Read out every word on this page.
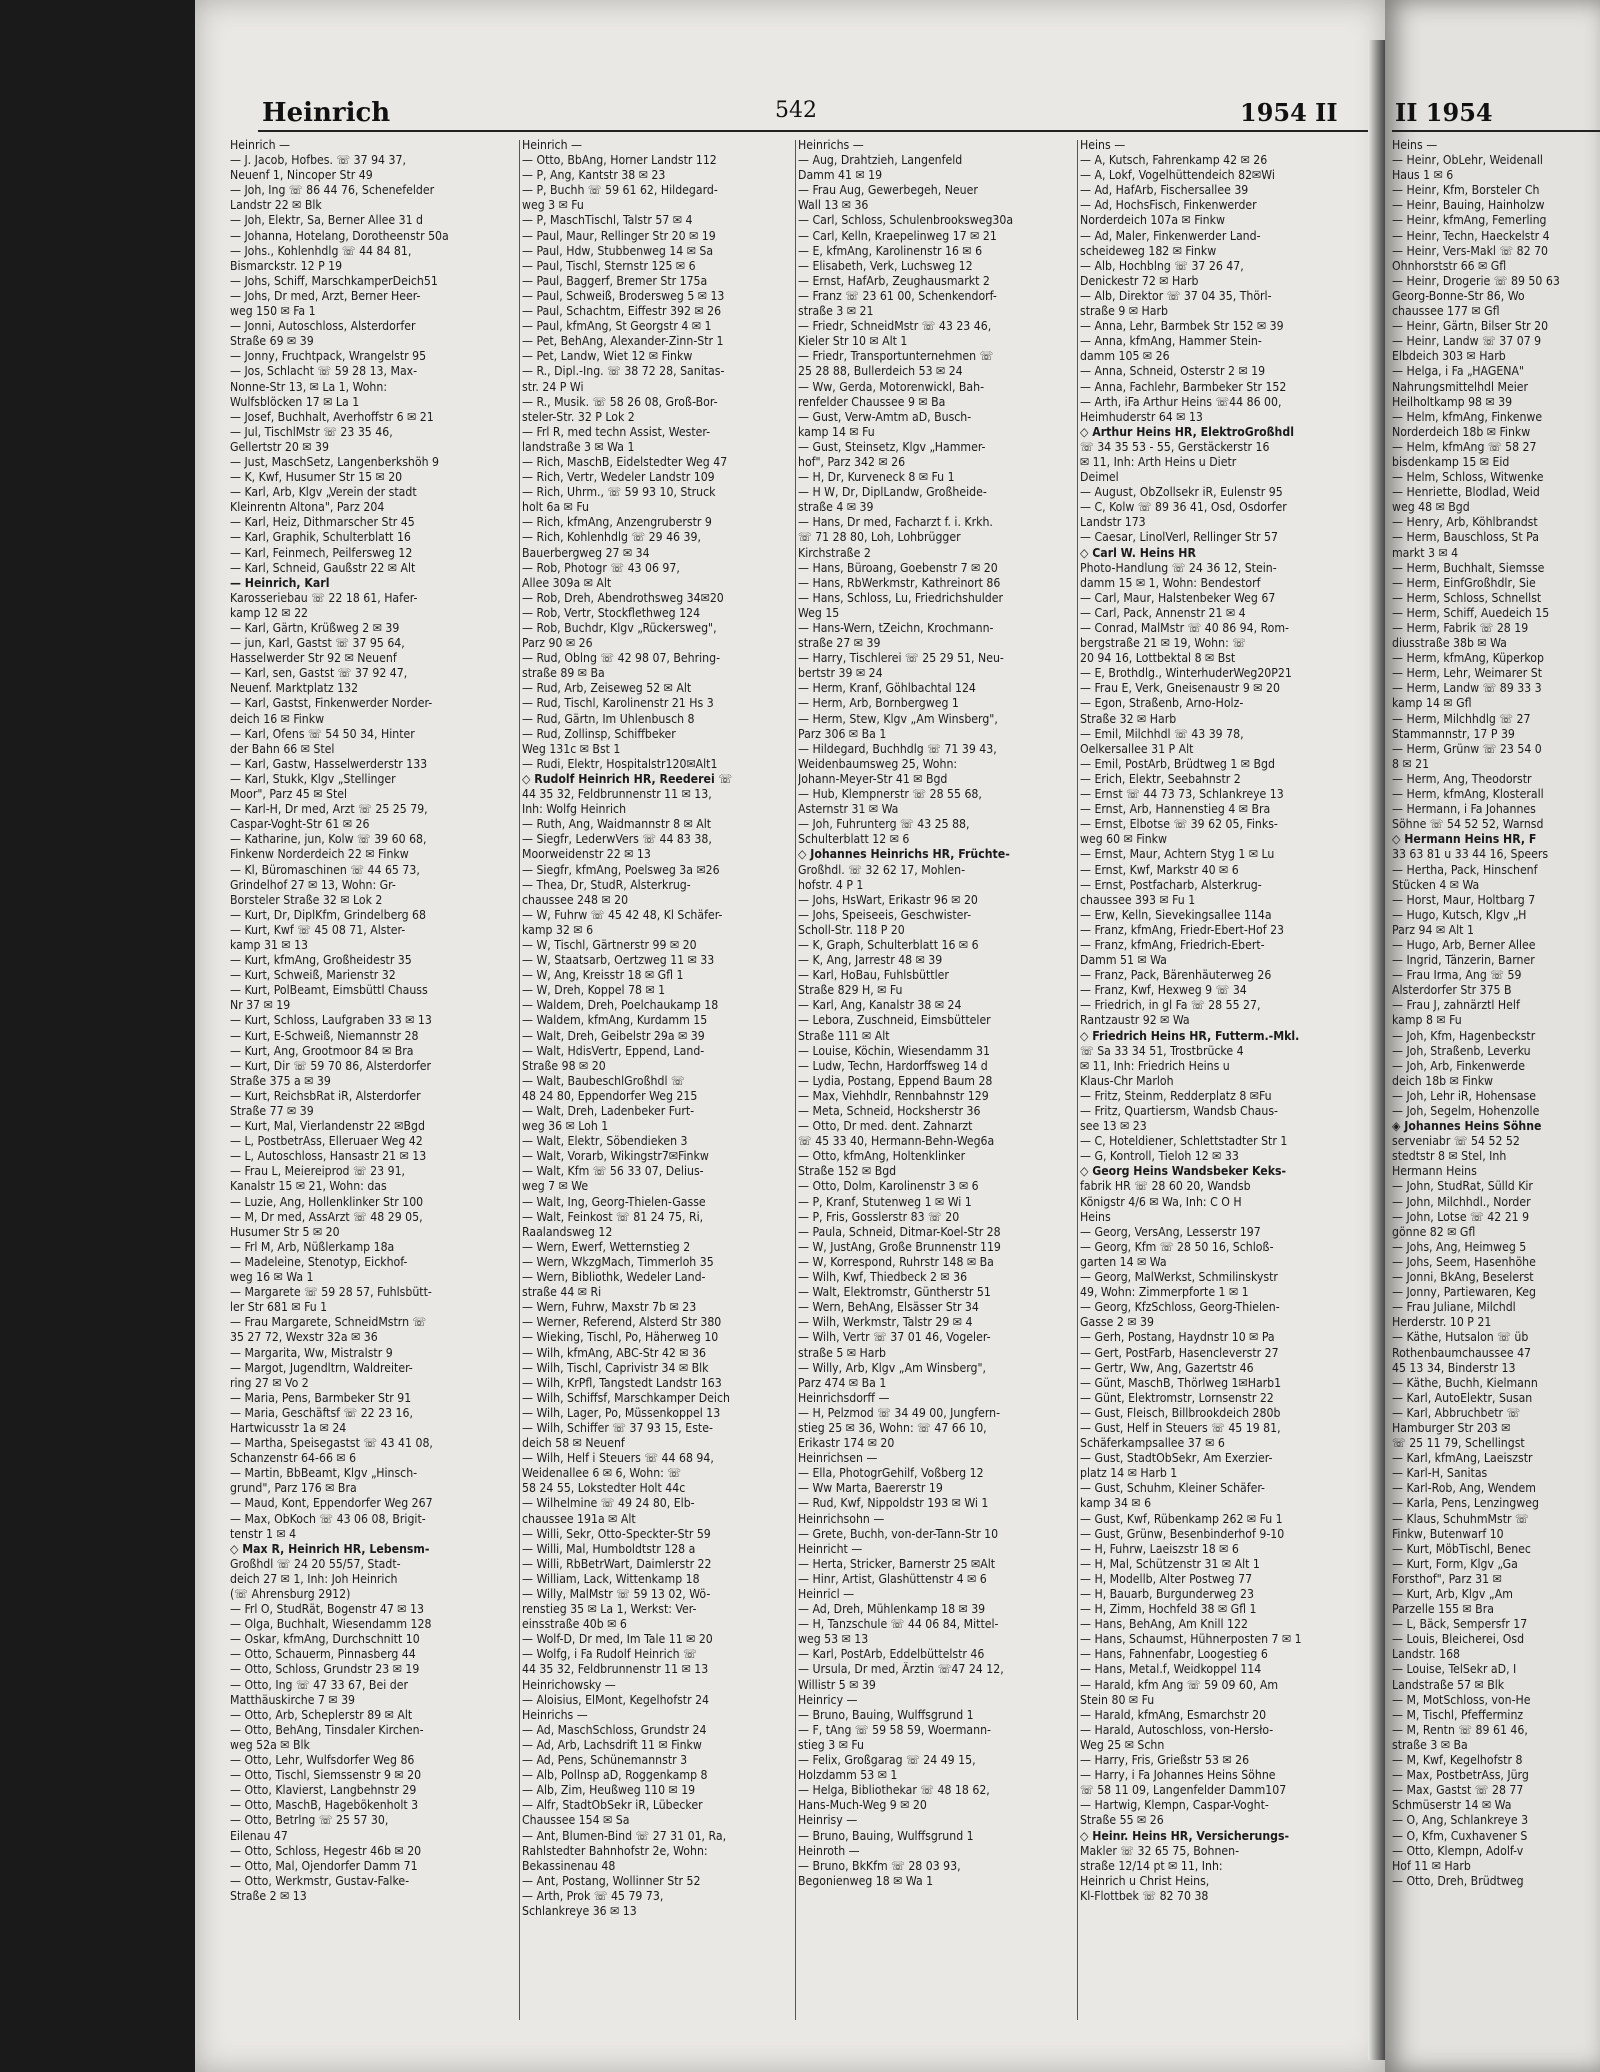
Heinrich	542	1954 II II 1954
Heinrich —
— J. Jacob, Hofbes. ☏ 37 94 37,
Neuenf 1, Nincoper Str 49
— Joh, Ing ☏ 86 44 76, Schenefelder
Landstr 22 ✉ Blk
— Joh, Elektr, Sa, Berner Allee 31 d
— Johanna, Hotelang, Dorotheenstr 50a
— Johs., Kohlenhdlg ☏ 44 84 81,
Bismarckstr. 12 P 19
— Johs, Schiff, MarschkamperDeich51
— Johs, Dr med, Arzt, Berner Heer-
weg 150 ✉ Fa 1
— Jonni, Autoschloss, Alsterdorfer
Straße 69 ✉ 39
— Jonny, Fruchtpack, Wrangelstr 95
— Jos, Schlacht ☏ 59 28 13, Max-
Nonne-Str 13, ✉ La 1, Wohn:
Wulfsblöcken 17 ✉ La 1
— Josef, Buchhalt, Averhoffstr 6 ✉ 21
— Jul, TischlMstr ☏ 23 35 46,
Gellertstr 20 ✉ 39
— Just, MaschSetz, Langenberkshöh 9
— K, Kwf, Husumer Str 15 ✉ 20
— Karl, Arb, Klgv „Verein der stadt
Kleinrentn Altona", Parz 204
— Karl, Heiz, Dithmarscher Str 45
— Karl, Graphik, Schulterblatt 16
— Karl, Feinmech, Peilfersweg 12
— Karl, Schneid, Gaußstr 22 ✉ Alt
— Heinrich, Karl
Karosseriebau ☏ 22 18 61, Hafer-
kamp 12 ✉ 22
— Karl, Gärtn, Krüßweg 2 ✉ 39
— jun, Karl, Gastst ☏ 37 95 64,
Hasselwerder Str 92 ✉ Neuenf
— Karl, sen, Gastst ☏ 37 92 47,
Neuenf. Marktplatz 132
— Karl, Gastst, Finkenwerder Norder-
deich 16 ✉ Finkw
— Karl, Ofens ☏ 54 50 34, Hinter
der Bahn 66 ✉ Stel
— Karl, Gastw, Hasselwerderstr 133
— Karl, Stukk, Klgv „Stellinger
Moor", Parz 45 ✉ Stel
— Karl-H, Dr med, Arzt ☏ 25 25 79,
Caspar-Voght-Str 61 ✉ 26
— Katharine, jun, Kolw ☏ 39 60 68,
Finkenw Norderdeich 22 ✉ Finkw
— Kl, Büromaschinen ☏ 44 65 73,
Grindelhof 27 ✉ 13, Wohn: Gr-
Borsteler Straße 32 ✉ Lok 2
— Kurt, Dr, DiplKfm, Grindelberg 68
— Kurt, Kwf ☏ 45 08 71, Alster-
kamp 31 ✉ 13
— Kurt, kfmAng, Großheidestr 35
— Kurt, Schweiß, Marienstr 32
— Kurt, PolBeamt, Eimsbüttl Chauss
Nr 37 ✉ 19
— Kurt, Schloss, Laufgraben 33 ✉ 13
— Kurt, E-Schweiß, Niemannstr 28
— Kurt, Ang, Grootmoor 84 ✉ Bra
— Kurt, Dir ☏ 59 70 86, Alsterdorfer
Straße 375 a ✉ 39
— Kurt, ReichsbRat iR, Alsterdorfer
Straße 77 ✉ 39
— Kurt, Mal, Vierlandenstr 22 ✉Bgd
— L, PostbetrAss, Elleruaer Weg 42
— L, Autoschloss, Hansastr 21 ✉ 13
— Frau L, Meiereiprod ☏ 23 91,
Kanalstr 15 ✉ 21, Wohn: das
— Luzie, Ang, Hollenklinker Str 100
— M, Dr med, AssArzt ☏ 48 29 05,
Husumer Str 5 ✉ 20
— Frl M, Arb, Nüßlerkamp 18a
— Madeleine, Stenotyp, Eickhof-
weg 16 ✉ Wa 1
— Margarete ☏ 59 28 57, Fuhlsbütt-
ler Str 681 ✉ Fu 1
— Frau Margarete, SchneidMstrn ☏
35 27 72, Wexstr 32a ✉ 36
— Margarita, Ww, Mistralstr 9
— Margot, Jugendltrn, Waldreiter-
ring 27 ✉ Vo 2
— Maria, Pens, Barmbeker Str 91
— Maria, Geschäftsf ☏ 22 23 16,
Hartwicusstr 1a ✉ 24
— Martha, Speisegastst ☏ 43 41 08,
Schanzenstr 64-66 ✉ 6
— Martin, BbBeamt, Klgv „Hinsch-
grund", Parz 176 ✉ Bra
— Maud, Kont, Eppendorfer Weg 267
— Max, ObKoch ☏ 43 06 08, Brigit-
tenstr 1 ✉ 4
◇ Max R, Heinrich HR, Lebensm-
Großhdl ☏ 24 20 55/57, Stadt-
deich 27 ✉ 1, Inh: Joh Heinrich
(☏ Ahrensburg 2912)
— Frl O, StudRät, Bogenstr 47 ✉ 13
— Olga, Buchhalt, Wiesendamm 128
— Oskar, kfmAng, Durchschnitt 10
— Otto, Schauerm, Pinnasberg 44
— Otto, Schloss, Grundstr 23 ✉ 19
— Otto, Ing ☏ 47 33 67, Bei der
Matthäuskirche 7 ✉ 39
— Otto, Arb, Scheplerstr 89 ✉ Alt
— Otto, BehAng, Tinsdaler Kirchen-
weg 52a ✉ Blk
— Otto, Lehr, Wulfsdorfer Weg 86
— Otto, Tischl, Siemssenstr 9 ✉ 20
— Otto, Klavierst, Langbehnstr 29
— Otto, MaschB, Hagebökenholt 3
— Otto, Betrlng ☏ 25 57 30,
Eilenau 47
— Otto, Schloss, Hegestr 46b ✉ 20
— Otto, Mal, Ojendorfer Damm 71
— Otto, Werkmstr, Gustav-Falke-
Straße 2 ✉ 13
Heinrich —
— Otto, BbAng, Horner Landstr 112
— P, Ang, Kantstr 38 ✉ 23
— P, Buchh ☏ 59 61 62, Hildegard-
weg 3 ✉ Fu
— P, MaschTischl, Talstr 57 ✉ 4
— Paul, Maur, Rellinger Str 20 ✉ 19
— Paul, Hdw, Stubbenweg 14 ✉ Sa
— Paul, Tischl, Sternstr 125 ✉ 6
— Paul, Baggerf, Bremer Str 175a
— Paul, Schweiß, Brodersweg 5 ✉ 13
— Paul, Schachtm, Eiffestr 392 ✉ 26
— Paul, kfmAng, St Georgstr 4 ✉ 1
— Pet, BehAng, Alexander-Zinn-Str 1
— Pet, Landw, Wiet 12 ✉ Finkw
— R., Dipl.-Ing. ☏ 38 72 28, Sanitas-
str. 24 P Wi
— R., Musik. ☏ 58 26 08, Groß-Bor-
steler-Str. 32 P Lok 2
— Frl R, med techn Assist, Wester-
landstraße 3 ✉ Wa 1
— Rich, MaschB, Eidelstedter Weg 47
— Rich, Vertr, Wedeler Landstr 109
— Rich, Uhrm., ☏ 59 93 10, Struck
holt 6a ✉ Fu
— Rich, kfmAng, Anzengruberstr 9
— Rich, Kohlenhdlg ☏ 29 46 39,
Bauerbergweg 27 ✉ 34
— Rob, Photogr ☏ 43 06 97,
Allee 309a ✉ Alt
— Rob, Dreh, Abendrothsweg 34✉20
— Rob, Vertr, Stockflethweg 124
— Rob, Buchdr, Klgv „Rückersweg",
Parz 90 ✉ 26
— Rud, Oblng ☏ 42 98 07, Behring-
straße 89 ✉ Ba
— Rud, Arb, Zeiseweg 52 ✉ Alt
— Rud, Tischl, Karolinenstr 21 Hs 3
— Rud, Gärtn, Im Uhlenbusch 8
— Rud, Zollinsp, Schiffbeker
Weg 131c ✉ Bst 1
— Rudi, Elektr, Hospitalstr120✉Alt1
◇ Rudolf Heinrich HR, Reederei ☏
44 35 32, Feldbrunnenstr 11 ✉ 13,
Inh: Wolfg Heinrich
— Ruth, Ang, Waidmannstr 8 ✉ Alt
— Siegfr, LederwVers ☏ 44 83 38,
Moorweidenstr 22 ✉ 13
— Siegfr, kfmAng, Poelsweg 3a ✉26
— Thea, Dr, StudR, Alsterkrug-
chaussee 248 ✉ 20
— W, Fuhrw ☏ 45 42 48, Kl Schäfer-
kamp 32 ✉ 6
— W, Tischl, Gärtnerstr 99 ✉ 20
— W, Staatsarb, Oertzweg 11 ✉ 33
— W, Ang, Kreisstr 18 ✉ Gfl 1
— W, Dreh, Koppel 78 ✉ 1
— Waldem, Dreh, Poelchaukamp 18
— Waldem, kfmAng, Kurdamm 15
— Walt, Dreh, Geibelstr 29a ✉ 39
— Walt, HdisVertr, Eppend, Land-
Straße 98 ✉ 20
— Walt, BaubeschlGroßhdl ☏
48 24 80, Eppendorfer Weg 215
— Walt, Dreh, Ladenbeker Furt-
weg 36 ✉ Loh 1
— Walt, Elektr, Söbendieken 3
— Walt, Vorarb, Wikingstr7✉Finkw
— Walt, Kfm ☏ 56 33 07, Delius-
weg 7 ✉ We
— Walt, Ing, Georg-Thielen-Gasse
— Walt, Feinkost ☏ 81 24 75, Ri,
Raalandsweg 12
— Wern, Ewerf, Wetternstieg 2
— Wern, WkzgMach, Timmerloh 35
— Wern, Bibliothk, Wedeler Land-
straße 44 ✉ Ri
— Wern, Fuhrw, Maxstr 7b ✉ 23
— Werner, Referend, Alsterd Str 380
— Wieking, Tischl, Po, Häherweg 10
— Wilh, kfmAng, ABC-Str 42 ✉ 36
— Wilh, Tischl, Caprivistr 34 ✉ Blk
— Wilh, KrPfl, Tangstedt Landstr 163
— Wilh, Schiffsf, Marschkamper Deich
— Wilh, Lager, Po, Müssenkoppel 13
— Wilh, Schiffer ☏ 37 93 15, Este-
deich 58 ✉ Neuenf
— Wilh, Helf i Steuers ☏ 44 68 94,
Weidenallee 6 ✉ 6, Wohn: ☏
58 24 55, Lokstedter Holt 44c
— Wilhelmine ☏ 49 24 80, Elb-
chaussee 191a ✉ Alt
— Willi, Sekr, Otto-Speckter-Str 59
— Willi, Mal, Humboldtstr 128 a
— Willi, RbBetrWart, Daimlerstr 22
— William, Lack, Wittenkamp 18
— Willy, MalMstr ☏ 59 13 02, Wö-
renstieg 35 ✉ La 1, Werkst: Ver-
einsstraße 40b ✉ 6
— Wolf-D, Dr med, Im Tale 11 ✉ 20
— Wolfg, i Fa Rudolf Heinrich ☏
44 35 32, Feldbrunnenstr 11 ✉ 13
Heinrichowsky —
— Aloisius, ElMont, Kegelhofstr 24
Heinrichs —
— Ad, MaschSchloss, Grundstr 24
— Ad, Arb, Lachsdrift 11 ✉ Finkw
— Ad, Pens, Schünemannstr 3
— Alb, Pollnsp aD, Roggenkamp 8
— Alb, Zim, Heußweg 110 ✉ 19
— Alfr, StadtObSekr iR, Lübecker
Chaussee 154 ✉ Sa
— Ant, Blumen-Bind ☏ 27 31 01, Ra,
Rahlstedter Bahnhofstr 2e, Wohn:
Bekassinenau 48
— Ant, Postang, Wollinner Str 52
— Arth, Prok ☏ 45 79 73,
Schlankreye 36 ✉ 13
Heinrichs —
— Aug, Drahtzieh, Langenfeld
Damm 41 ✉ 19
— Frau Aug, Gewerbegeh, Neuer
Wall 13 ✉ 36
— Carl, Schloss, Schulenbrooksweg30a
— Carl, Kelln, Kraepelinweg 17 ✉ 21
— E, kfmAng, Karolinenstr 16 ✉ 6
— Elisabeth, Verk, Luchsweg 12
— Ernst, HafArb, Zeughausmarkt 2
— Franz ☏ 23 61 00, Schenkendorf-
straße 3 ✉ 21
— Friedr, SchneidMstr ☏ 43 23 46,
Kieler Str 10 ✉ Alt 1
— Friedr, Transportunternehmen ☏
25 28 88, Bullerdeich 53 ✉ 24
— Ww, Gerda, Motorenwickl, Bah-
renfelder Chaussee 9 ✉ Ba
— Gust, Verw-Amtm aD, Busch-
kamp 14 ✉ Fu
— Gust, Steinsetz, Klgv „Hammer-
hof", Parz 342 ✉ 26
— H, Dr, Kurveneck 8 ✉ Fu 1
— H W, Dr, DiplLandw, Großheide-
straße 4 ✉ 39
— Hans, Dr med, Facharzt f. i. Krkh.
☏ 71 28 80, Loh, Lohbrügger
Kirchstraße 2
— Hans, Büroang, Goebenstr 7 ✉ 20
— Hans, RbWerkmstr, Kathreinort 86
— Hans, Schloss, Lu, Friedrichshulder
Weg 15
— Hans-Wern, tZeichn, Krochmann-
straße 27 ✉ 39
— Harry, Tischlerei ☏ 25 29 51, Neu-
bertstr 39 ✉ 24
— Herm, Kranf, Göhlbachtal 124
— Herm, Arb, Bornbergweg 1
— Herm, Stew, Klgv „Am Winsberg",
Parz 306 ✉ Ba 1
— Hildegard, Buchhdlg ☏ 71 39 43,
Weidenbaumsweg 25, Wohn:
Johann-Meyer-Str 41 ✉ Bgd
— Hub, Klempnerstr ☏ 28 55 68,
Asternstr 31 ✉ Wa
— Joh, Fuhrunterg ☏ 43 25 88,
Schulterblatt 12 ✉ 6
◇ Johannes Heinrichs HR, Früchte-
Großhdl. ☏ 32 62 17, Mohlen-
hofstr. 4 P 1
— Johs, HsWart, Erikastr 96 ✉ 20
— Johs, Speiseeis, Geschwister-
Scholl-Str. 118 P 20
— K, Graph, Schulterblatt 16 ✉ 6
— K, Ang, Jarrestr 48 ✉ 39
— Karl, HoBau, Fuhlsbüttler
Straße 829 H, ✉ Fu
— Karl, Ang, Kanalstr 38 ✉ 24
— Lebora, Zuschneid, Eimsbütteler
Straße 111 ✉ Alt
— Louise, Köchin, Wiesendamm 31
— Ludw, Techn, Hardorffsweg 14 d
— Lydia, Postang, Eppend Baum 28
— Max, Viehhdlr, Rennbahnstr 129
— Meta, Schneid, Hocksherstr 36
— Otto, Dr med. dent. Zahnarzt
☏ 45 33 40, Hermann-Behn-Weg6a
— Otto, kfmAng, Holtenklinker
Straße 152 ✉ Bgd
— Otto, Dolm, Karolinenstr 3 ✉ 6
— P, Kranf, Stutenweg 1 ✉ Wi 1
— P, Fris, Gosslerstr 83 ☏ 20
— Paula, Schneid, Ditmar-Koel-Str 28
— W, JustAng, Große Brunnenstr 119
— W, Korrespond, Ruhrstr 148 ✉ Ba
— Wilh, Kwf, Thiedbeck 2 ✉ 36
— Walt, Elektromstr, Güntherstr 51
— Wern, BehAng, Elsässer Str 34
— Wilh, Werkmstr, Talstr 29 ✉ 4
— Wilh, Vertr ☏ 37 01 46, Vogeler-
straße 5 ✉ Harb
— Willy, Arb, Klgv „Am Winsberg",
Parz 474 ✉ Ba 1
Heinrichsdorff —
— H, Pelzmod ☏ 34 49 00, Jungfern-
stieg 25 ✉ 36, Wohn: ☏ 47 66 10,
Erikastr 174 ✉ 20
Heinrichsen —
— Ella, PhotogrGehilf, Voßberg 12
— Ww Marta, Baererstr 19
— Rud, Kwf, Nippoldstr 193 ✉ Wi 1
Heinrichsohn —
— Grete, Buchh, von-der-Tann-Str 10
Heinricht —
— Herta, Stricker, Barnerstr 25 ✉Alt
— Hinr, Artist, Glashüttenstr 4 ✉ 6
Heinricl —
— Ad, Dreh, Mühlenkamp 18 ✉ 39
— H, Tanzschule ☏ 44 06 84, Mittel-
weg 53 ✉ 13
— Karl, PostArb, Eddelbüttelstr 46
— Ursula, Dr med, Ärztin ☏47 24 12,
Willistr 5 ✉ 39
Heinricy —
— Bruno, Bauing, Wulffsgrund 1
— F, tAng ☏ 59 58 59, Woermann-
stieg 3 ✉ Fu
— Felix, Großgarag ☏ 24 49 15,
Holzdamm 53 ✉ 1
— Helga, Bibliothekar ☏ 48 18 62,
Hans-Much-Weg 9 ✉ 20
Heinrisy —
— Bruno, Bauing, Wulffsgrund 1
Heinroth —
— Bruno, BkKfm ☏ 28 03 93,
Begonienweg 18 ✉ Wa 1
Heins —
— A, Kutsch, Fahrenkamp 42 ✉ 26
— A, Lokf, Vogelhüttendeich 82✉Wi
— Ad, HafArb, Fischersallee 39
— Ad, HochsFisch, Finkenwerder
Norderdeich 107a ✉ Finkw
— Ad, Maler, Finkenwerder Land-
scheideweg 182 ✉ Finkw
— Alb, Hochblng ☏ 37 26 47,
Denickestr 72 ✉ Harb
— Alb, Direktor ☏ 37 04 35, Thörl-
straße 9 ✉ Harb
— Anna, Lehr, Barmbek Str 152 ✉ 39
— Anna, kfmAng, Hammer Stein-
damm 105 ✉ 26
— Anna, Schneid, Osterstr 2 ✉ 19
— Anna, Fachlehr, Barmbeker Str 152
— Arth, iFa Arthur Heins ☏44 86 00,
Heimhuderstr 64 ✉ 13
◇ Arthur Heins HR, ElektroGroßhdl
☏ 34 35 53 - 55, Gerstäckerstr 16
✉ 11, Inh: Arth Heins u Dietr
Deimel
— August, ObZollsekr iR, Eulenstr 95
— C, Kolw ☏ 89 36 41, Osd, Osdorfer
Landstr 173
— Caesar, LinolVerl, Rellinger Str 57
◇ Carl W. Heins HR
Photo-Handlung ☏ 24 36 12, Stein-
damm 15 ✉ 1, Wohn: Bendestorf
— Carl, Maur, Halstenbeker Weg 67
— Carl, Pack, Annenstr 21 ✉ 4
— Conrad, MalMstr ☏ 40 86 94, Rom-
bergstraße 21 ✉ 19, Wohn: ☏
20 94 16, Lottbektal 8 ✉ Bst
— E, Brothdlg., WinterhuderWeg20P21
— Frau E, Verk, Gneisenaustr 9 ✉ 20
— Egon, Straßenb, Arno-Holz-
Straße 32 ✉ Harb
— Emil, Milchhdl ☏ 43 39 78,
Oelkersallee 31 P Alt
— Emil, PostArb, Brüdtweg 1 ✉ Bgd
— Erich, Elektr, Seebahnstr 2
— Ernst ☏ 44 73 73, Schlankreye 13
— Ernst, Arb, Hannenstieg 4 ✉ Bra
— Ernst, Elbotse ☏ 39 62 05, Finks-
weg 60 ✉ Finkw
— Ernst, Maur, Achtern Styg 1 ✉ Lu
— Ernst, Kwf, Markstr 40 ✉ 6
— Ernst, Postfacharb, Alsterkrug-
chaussee 393 ✉ Fu 1
— Erw, Kelln, Sievekingsallee 114a
— Franz, kfmAng, Friedr-Ebert-Hof 23
— Franz, kfmAng, Friedrich-Ebert-
Damm 51 ✉ Wa
— Franz, Pack, Bärenhäuterweg 26
— Franz, Kwf, Hexweg 9 ☏ 34
— Friedrich, in gl Fa ☏ 28 55 27,
Rantzaustr 92 ✉ Wa
◇ Friedrich Heins HR, Futterm.-Mkl.
☏ Sa 33 34 51, Trostbrücke 4
✉ 11, Inh: Friedrich Heins u
Klaus-Chr Marloh
— Fritz, Steinm, Redderplatz 8 ✉Fu
— Fritz, Quartiersm, Wandsb Chaus-
see 13 ✉ 23
— C, Hoteldiener, Schlettstadter Str 1
— G, Kontroll, Tieloh 12 ✉ 33
◇ Georg Heins Wandsbeker Keks-
fabrik HR ☏ 28 60 20, Wandsb
Königstr 4/6 ✉ Wa, Inh: C O H
Heins
— Georg, VersAng, Lesserstr 197
— Georg, Kfm ☏ 28 50 16, Schloß-
garten 14 ✉ Wa
— Georg, MalWerkst, Schmilinskystr
49, Wohn: Zimmerpforte 1 ✉ 1
— Georg, KfzSchloss, Georg-Thielen-
Gasse 2 ✉ 39
— Gerh, Postang, Haydnstr 10 ✉ Pa
— Gert, PostFarb, Hasencleverstr 27
— Gertr, Ww, Ang, Gazertstr 46
— Günt, MaschB, Thörlweg 1✉Harb1
— Günt, Elektromstr, Lornsenstr 22
— Gust, Fleisch, Billbrookdeich 280b
— Gust, Helf in Steuers ☏ 45 19 81,
Schäferkampsallee 37 ✉ 6
— Gust, StadtObSekr, Am Exerzier-
platz 14 ✉ Harb 1
— Gust, Schuhm, Kleiner Schäfer-
kamp 34 ✉ 6
— Gust, Kwf, Rübenkamp 262 ✉ Fu 1
— Gust, Grünw, Besenbinderhof 9-10
— H, Fuhrw, Laeiszstr 18 ✉ 6
— H, Mal, Schützenstr 31 ✉ Alt 1
— H, Modellb, Alter Postweg 77
— H, Bauarb, Burgunderweg 23
— H, Zimm, Hochfeld 38 ✉ Gfl 1
— Hans, BehAng, Am Knill 122
— Hans, Schaumst, Hühnerposten 7 ✉ 1
— Hans, Fahnenfabr, Loogestieg 6
— Hans, Metal.f, Weidkoppel 114
— Harald, kfm Ang ☏ 59 09 60, Am
Stein 80 ✉ Fu
— Harald, kfmAng, Esmarchstr 20
— Harald, Autoschloss, von-Hersło-
Weg 25 ✉ Schn
— Harry, Fris, Grießstr 53 ✉ 26
— Harry, i Fa Johannes Heins Söhne
☏ 58 11 09, Langenfelder Damm107
— Hartwig, Klempn, Caspar-Voght-
Straße 55 ✉ 26
◇ Heinr. Heins HR, Versicherungs-
Makler ☏ 32 65 75, Bohnen-
straße 12/14 pt ✉ 11, Inh:
Heinrich u Christ Heins,
Kl-Flottbek ☏ 82 70 38
Heins —
— Heinr, ObLehr, Weidenall
Haus 1 ✉ 6
— Heinr, Kfm, Borsteler Ch
— Heinr, Bauing, Hainholzw
— Heinr, kfmAng, Femerling
— Heinr, Techn, Haeckelstr 4
— Heinr, Vers-Makl ☏ 82 70
Ohnhorststr 66 ✉ Gfl
— Heinr, Drogerie ☏ 89 50 63
Georg-Bonne-Str 86, Wo
chaussee 177 ✉ Gfl
— Heinr, Gärtn, Bilser Str 20
— Heinr, Landw ☏ 37 07 9
Elbdeich 303 ✉ Harb
— Helga, i Fa „HAGENA"
Nahrungsmittelhdl Meier
Heilholtkamp 98 ✉ 39
— Helm, kfmAng, Finkenwe
Norderdeich 18b ✉ Finkw
— Helm, kfmAng ☏ 58 27
bisdenkamp 15 ✉ Eid
— Helm, Schloss, Witwenke
— Henriette, Blodlad, Weid
weg 48 ✉ Bgd
— Henry, Arb, Köhlbrandst
— Herm, Bauschloss, St Pa
markt 3 ✉ 4
— Herm, Buchhalt, Siemsse
— Herm, EinfGroßhdlr, Sie
— Herm, Schloss, Schnellst
— Herm, Schiff, Auedeich 15
— Herm, Fabrik ☏ 28 19
diusstraße 38b ✉ Wa
— Herm, kfmAng, Küperkop
— Herm, Lehr, Weimarer St
— Herm, Landw ☏ 89 33 3
kamp 14 ✉ Gfl
— Herm, Milchhdlg ☏ 27
Stammannstr, 17 P 39
— Herm, Grünw ☏ 23 54 0
8 ✉ 21
— Herm, Ang, Theodorstr
— Herm, kfmAng, Klosterall
— Hermann, i Fa Johannes
Söhne ☏ 54 52 52, Warnsd
◇ Hermann Heins HR, F
33 63 81 u 33 44 16, Speers
— Hertha, Pack, Hinschenf
Stücken 4 ✉ Wa
— Horst, Maur, Holtbarg 7
— Hugo, Kutsch, Klgv „H
Parz 94 ✉ Alt 1
— Hugo, Arb, Berner Allee
— Ingrid, Tänzerin, Barner
— Frau Irma, Ang ☏ 59
Alsterdorfer Str 375 B
— Frau J, zahnärztl Helf
kamp 8 ✉ Fu
— Joh, Kfm, Hagenbeckstr
— Joh, Straßenb, Leverku
— Joh, Arb, Finkenwerde
deich 18b ✉ Finkw
— Joh, Lehr iR, Hohensase
— Joh, Segelm, Hohenzolle
◈ Johannes Heins Söhne
serveniabr ☏ 54 52 52
stedtstr 8 ✉ Stel, Inh
Hermann Heins
— John, StudRat, Sülld Kir
— John, Milchhdl., Norder
— John, Lotse ☏ 42 21 9
gönne 82 ✉ Gfl
— Johs, Ang, Heimweg 5
— Johs, Seem, Hasenhöhe
— Jonni, BkAng, Beselerst
— Jonny, Partiewaren, Keg
— Frau Juliane, Milchdl
Herderstr. 10 P 21
— Käthe, Hutsalon ☏ üb
Rothenbaumchaussee 47
45 13 34, Binderstr 13
— Käthe, Buchh, Kielmann
— Karl, AutoElektr, Susan
— Karl, Abbruchbetr ☏
Hamburger Str 203 ✉
☏ 25 11 79, Schellingst
— Karl, kfmAng, Laeiszstr
— Karl-H, Sanitas
— Karl-Rob, Ang, Wendem
— Karla, Pens, Lenzingweg
— Klaus, SchuhmMstr ☏
Finkw, Butenwarf 10
— Kurt, MöbTischl, Benec
— Kurt, Form, Klgv „Ga
Forsthof", Parz 31 ✉
— Kurt, Arb, Klgv „Am
Parzelle 155 ✉ Bra
— L, Bäck, Sempersfr 17
— Louis, Bleicherei, Osd
Landstr. 168
— Louise, TelSekr aD, I
Landstraße 57 ✉ Blk
— M, MotSchloss, von-He
— M, Tischl, Pfefferminz
— M, Rentn ☏ 89 61 46,
straße 3 ✉ Ba
— M, Kwf, Kegelhofstr 8
— Max, PostbetrAss, Jürg
— Max, Gastst ☏ 28 77
Schmüserstr 14 ✉ Wa
— O, Ang, Schlankreye 3
— O, Kfm, Cuxhavener S
— Otto, Klempn, Adolf-v
Hof 11 ✉ Harb
— Otto, Dreh, Brüdtweg
